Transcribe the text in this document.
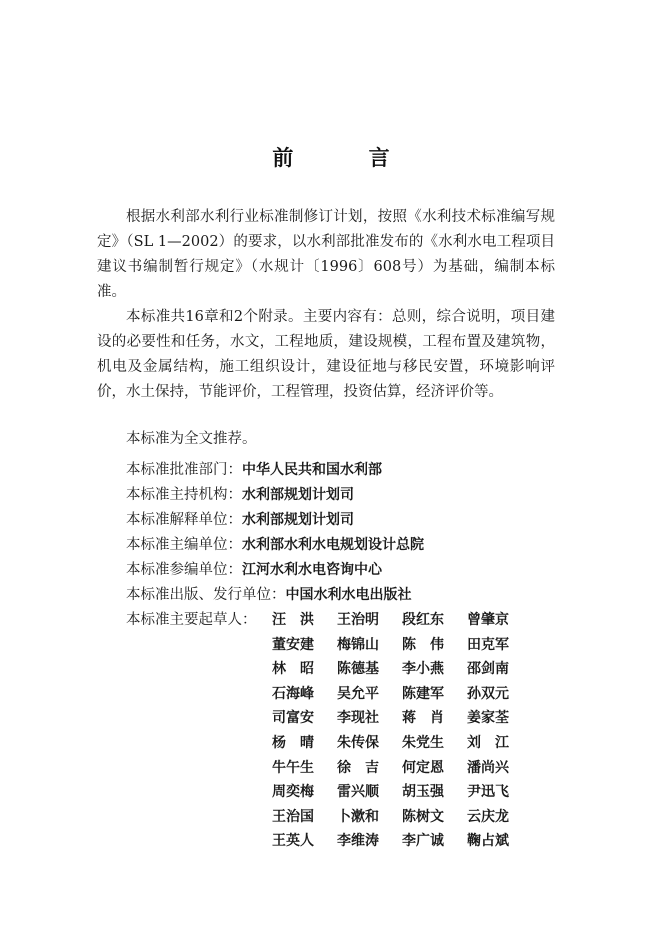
前 言

根据水利部水利行业标准制修订计划，按照《水利技术标准编写规定》（SL 1—2002）的要求，以水利部批准发布的《水利水电工程项目建议书编制暂行规定》（水规计〔1996〕608号）为基础，编制本标准。

本标准共16章和2个附录。主要内容有：总则，综合说明，项目建设的必要性和任务，水文，工程地质，建设规模，工程布置及建筑物，机电及金属结构，施工组织设计，建设征地与移民安置，环境影响评价，水土保持，节能评价，工程管理，投资估算，经济评价等。

本标准为全文推荐。

本标准批准部门：中华人民共和国水利部
本标准主持机构：水利部规划计划司
本标准解释单位：水利部规划计划司
本标准主编单位：水利部水利水电规划设计总院
本标准参编单位：江河水利水电咨询中心
本标准出版、发行单位：中国水利水电出版社
本标准主要起草人： 汪　洪 王治明 段红东 曾肇京
董安建 梅锦山 陈　伟 田克军
林　昭 陈德基 李小燕 邵剑南
石海峰 吴允平 陈建军 孙双元
司富安 李现社 蒋　肖 姜家荃
杨　晴 朱传保 朱党生 刘　江
牛午生 徐　吉 何定恩 潘尚兴
周奕梅 雷兴顺 胡玉强 尹迅飞
王治国 卜漱和 陈树文 云庆龙
王英人 李维涛 李广诚 鞠占斌
